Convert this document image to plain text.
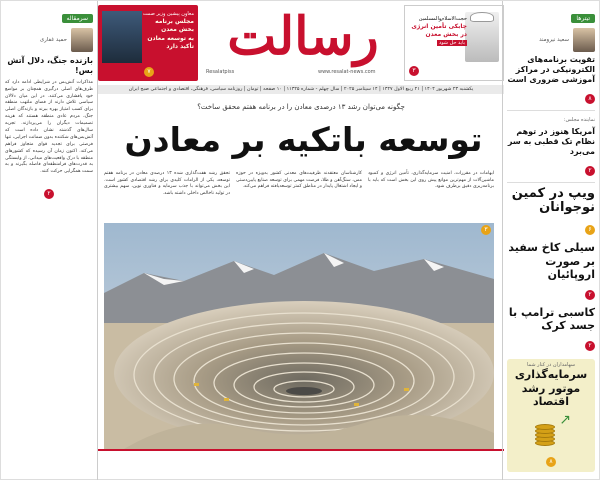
سرمقاله
حمید غفاری
بازنده جنگ، دلال آتش بس!
مذاکرات آتش‌بس در شرایطی ادامه دارد که طرف‌های اصلی درگیری همچنان بر مواضع خود پافشاری می‌کنند. در این میان دلالان سیاسی تلاش دارند از فضای ملتهب منطقه برای کسب امتیاز بهره ببرند و بازندگان اصلی جنگ، مردم عادی منطقه هستند که هزینه تصمیمات دیگران را می‌پردازند. تجربه سال‌های گذشته نشان داده است که آتش‌بس‌های شکننده بدون ضمانت اجرایی، تنها فرصتی برای تجدید قوای متجاوز فراهم می‌کند. اکنون زمان آن رسیده که کشورهای منطقه با درک واقعیت‌های میدانی، از وابستگی به قدرت‌های فرامنطقه‌ای فاصله بگیرند و به سمت همگرایی حرکت کنند.
۲
معاون پیشین وزیر صمت
مجلس برنامه بخش معدن
به توسعه معادن تأکید دارد
۷
رسالت
Resalatpiss	www.resalat-news.com
حجت‌الاسلام‌والمسلمین
چابکی تأمین انرژی
در بخش معدن
باید حل شود
۳
یکشنبه ۲۳ شهریور ۱۴۰۴ | ۲۱ ربیع الاول ۱۴۴۷ | ۱۴ سپتامبر ۲۰۲۵ | سال چهلم - شماره ۱۱۳۲۵ | ۱۰ صفحه | تومان | روزنامه سیاسی، فرهنگی، اقتصادی و اجتماعی صبح ایران
چگونه می‌توان رشد ۱۳ درصدی معادن را در برنامه هفتم محقق ساخت؟
توسعه باتکیه بر معادن
تحقق رشد هفت‌گذاری شده ۱۳ درصدی معادن در برنامه هفتم توسعه، یکی از الزامات کلیدی برای رشد اقتصادی کشور است. این بخش می‌تواند با جذب سرمایه و فناوری نوین، سهم بیشتری در تولید ناخالص داخلی داشته باشد.
کارشناسان معتقدند ظرفیت‌های معدنی کشور به‌ویژه در حوزه مس، سنگ‌آهن و طلا، فرصت مهمی برای توسعه صنایع پایین‌دستی و ایجاد اشتغال پایدار در مناطق کمتر توسعه‌یافته فراهم می‌کند.
ابهامات در مقررات، امنیت سرمایه‌گذاری، تأمین انرژی و کمبود ماشین‌آلات از مهم‌ترین موانع پیش روی این بخش است که باید با برنامه‌ریزی دقیق برطرف شود.
۳
تیترها
سعید نیرومند
تقویت برنامه‌های الکترونیکی در مراکز آموزشی ضروری است
۸
نماینده مجلس:
آمریکا هنوز در توهم نظام تک قطبی به سر می‌برد
۲
ویپ در کمین نوجوانان
۶
سیلی کاخ سفید بر صورت اروپائیان
۲
کاسبی ترامپ با جسد کرک
۲
سهامداران در کنار شما
سرمایه‌گذاری موتور رشد اقتصاد
↗
۸
